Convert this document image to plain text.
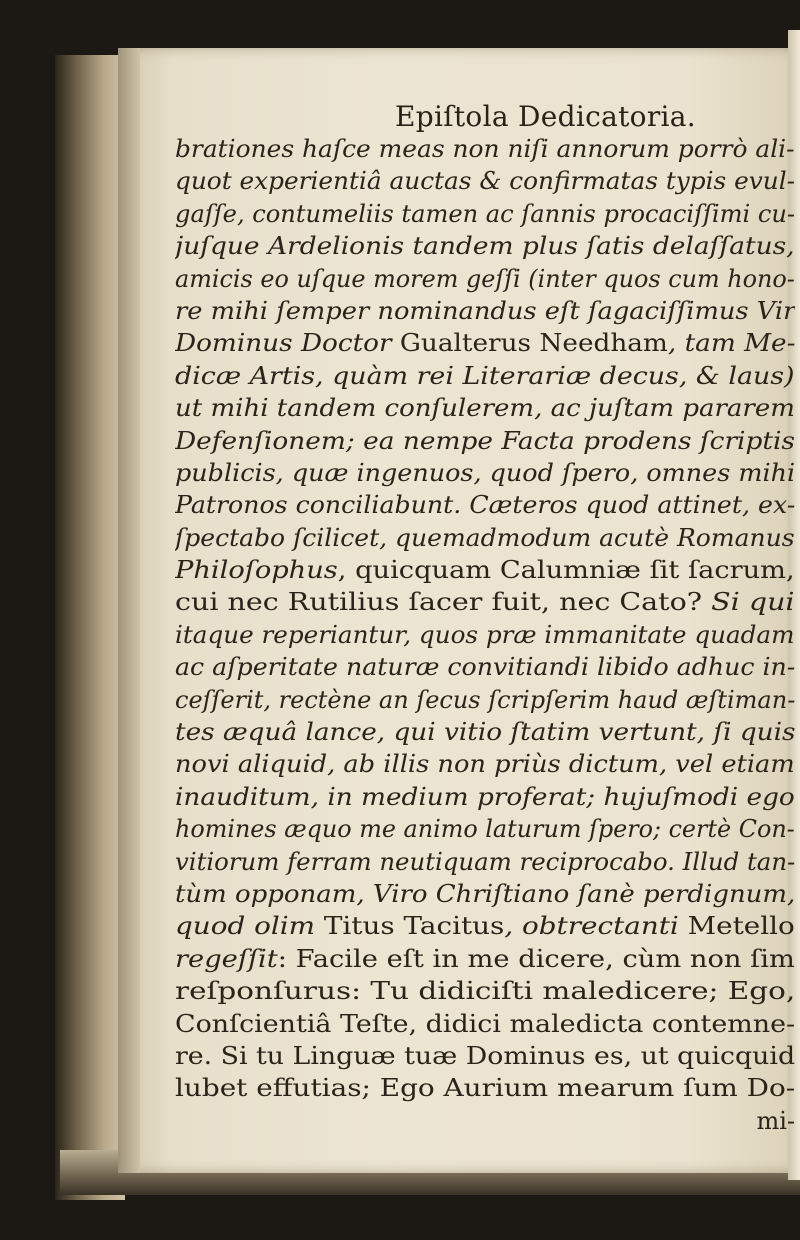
Epiſtola Dedicatoria.
brationes haſce meas non niſi annorum porrò ali-
quot experientiâ auctas & confirmatas typis evul-
gaſſe, contumeliis tamen ac ſannis procaciſſimi cu-
juſque Ardelionis tandem plus ſatis delaſſatus,
amicis eo uſque morem geſſi (inter quos cum hono-
re mihi ſemper nominandus eſt ſagaciſſimus Vir
Dominus Doctor Gualterus Needham, tam Me-
dicæ Artis, quàm rei Literariæ decus, & laus)
ut mihi tandem conſulerem, ac juſtam pararem
Defenſionem; ea nempe Facta prodens ſcriptis
publicis, quæ ingenuos, quod ſpero, omnes mihi
Patronos conciliabunt. Cæteros quod attinet, ex-
ſpectabo ſcilicet, quemadmodum acutè Romanus
Philoſophus, quicquam Calumniæ ſit ſacrum,
cui nec Rutilius ſacer fuit, nec Cato? Si qui
itaque reperiantur, quos præ immanitate quadam
ac aſperitate naturæ convitiandi libido adhuc in-
ceſſerit, rectène an ſecus ſcripſerim haud æſtiman-
tes æquâ lance, qui vitio ſtatim vertunt, ſi quis
novi aliquid, ab illis non priùs dictum, vel etiam
inauditum, in medium proferat; hujuſmodi ego
homines æquo me animo laturum ſpero; certè Con-
vitiorum ferram neutiquam reciprocabo. Illud tan-
tùm opponam, Viro Chriſtiano ſanè perdignum,
quod olim Titus Tacitus, obtrectanti Metello
regeſſit: Facile eſt in me dicere, cùm non ſim
reſponſurus: Tu didiciſti maledicere; Ego,
Conſcientiâ Teſte, didici maledicta contemne-
re. Si tu Linguæ tuæ Dominus es, ut quicquid
lubet effutias; Ego Aurium mearum ſum Do-
mi-
